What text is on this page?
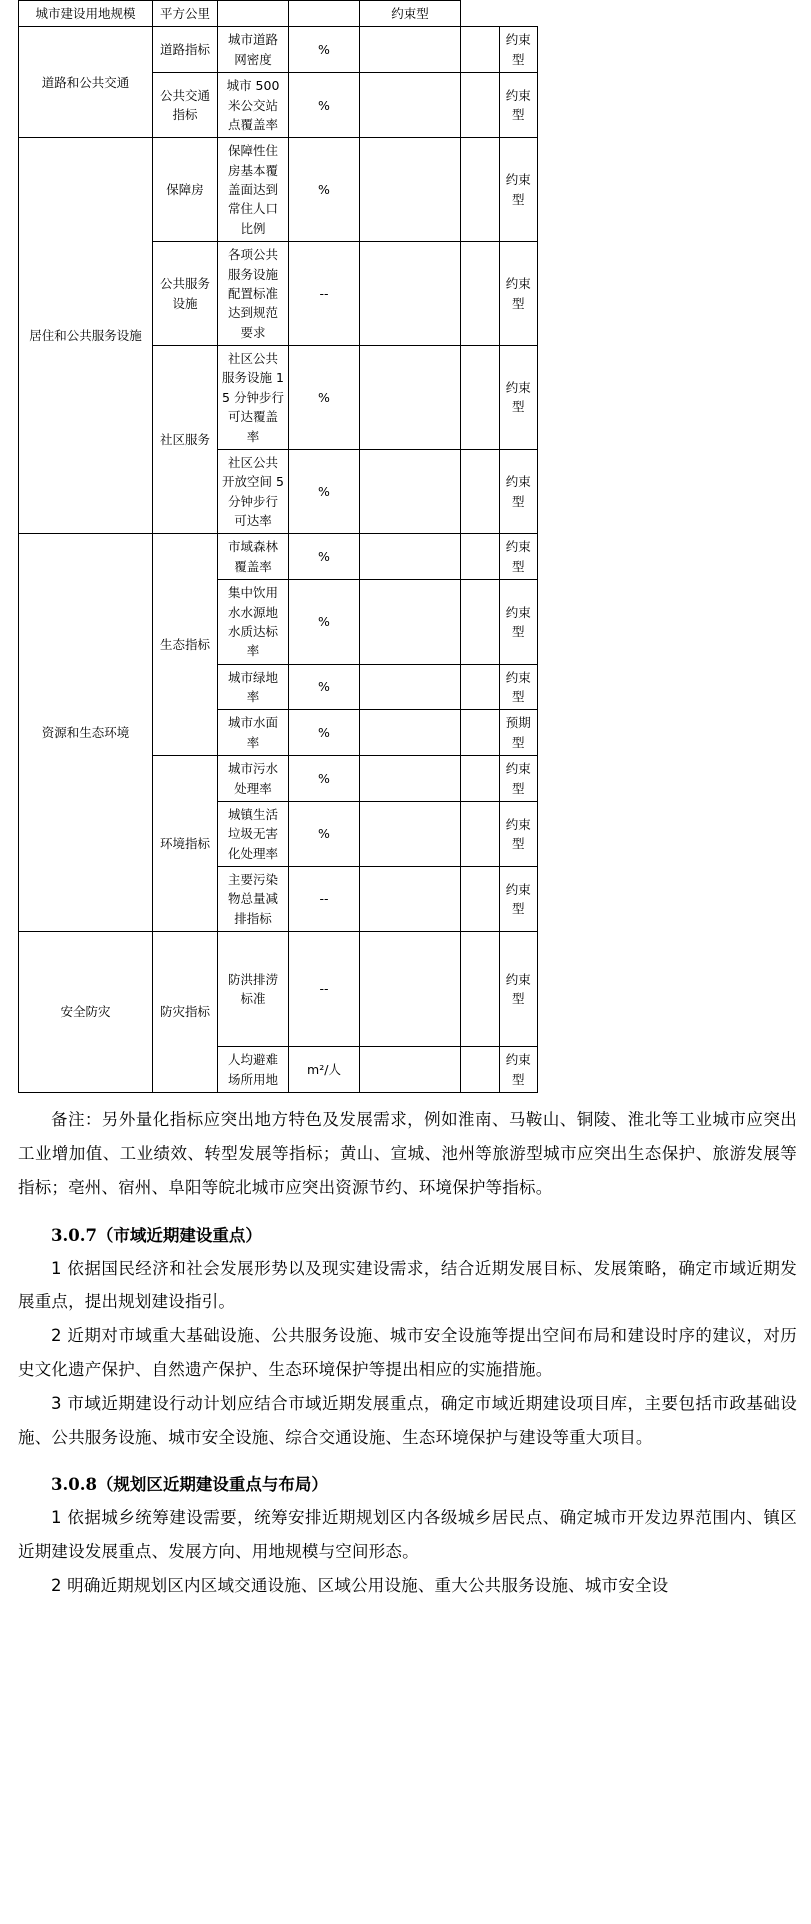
城市建设用地规模	平方公里			约束型		
道路和公共交通	道路指标	城市道路网密度	%			约束型
	公共交通指标	城市 500 米公交站点覆盖率	%			约束型
居住和公共服务设施	保障房	保障性住房基本覆盖面达到常住人口比例	%			约束型
	公共服务设施	各项公共服务设施配置标准达到规范要求	--			约束型
	社区服务	社区公共服务设施 15 分钟步行可达覆盖率	%			约束型
		社区公共开放空间 5 分钟步行可达率	%			约束型
资源和生态环境	生态指标	市域森林覆盖率	%			约束型
		集中饮用水水源地水质达标率	%			约束型
		城市绿地率	%			约束型
		城市水面率	%			预期型
	环境指标	城市污水处理率	%			约束型
		城镇生活垃圾无害化处理率	%			约束型
		主要污染物总量减排指标	--			约束型
安全防灾	防灾指标	防洪排涝标准	--			约束型
		人均避难场所用地	m²/人			约束型

备注：另外量化指标应突出地方特色及发展需求，例如淮南、马鞍山、铜陵、淮北等工业城市应突出工业增加值、工业绩效、转型发展等指标；黄山、宣城、池州等旅游型城市应突出生态保护、旅游发展等指标；亳州、宿州、阜阳等皖北城市应突出资源节约、环境保护等指标。

3.0.7（市域近期建设重点）

1 依据国民经济和社会发展形势以及现实建设需求，结合近期发展目标、发展策略，确定市域近期发展重点，提出规划建设指引。

2 近期对市域重大基础设施、公共服务设施、城市安全设施等提出空间布局和建设时序的建议，对历史文化遗产保护、自然遗产保护、生态环境保护等提出相应的实施措施。

3 市域近期建设行动计划应结合市域近期发展重点，确定市域近期建设项目库，主要包括市政基础设施、公共服务设施、城市安全设施、综合交通设施、生态环境保护与建设等重大项目。

3.0.8（规划区近期建设重点与布局）

1 依据城乡统筹建设需要，统筹安排近期规划区内各级城乡居民点、确定城市开发边界范围内、镇区近期建设发展重点、发展方向、用地规模与空间形态。

2 明确近期规划区内区域交通设施、区域公用设施、重大公共服务设施、城市安全设
